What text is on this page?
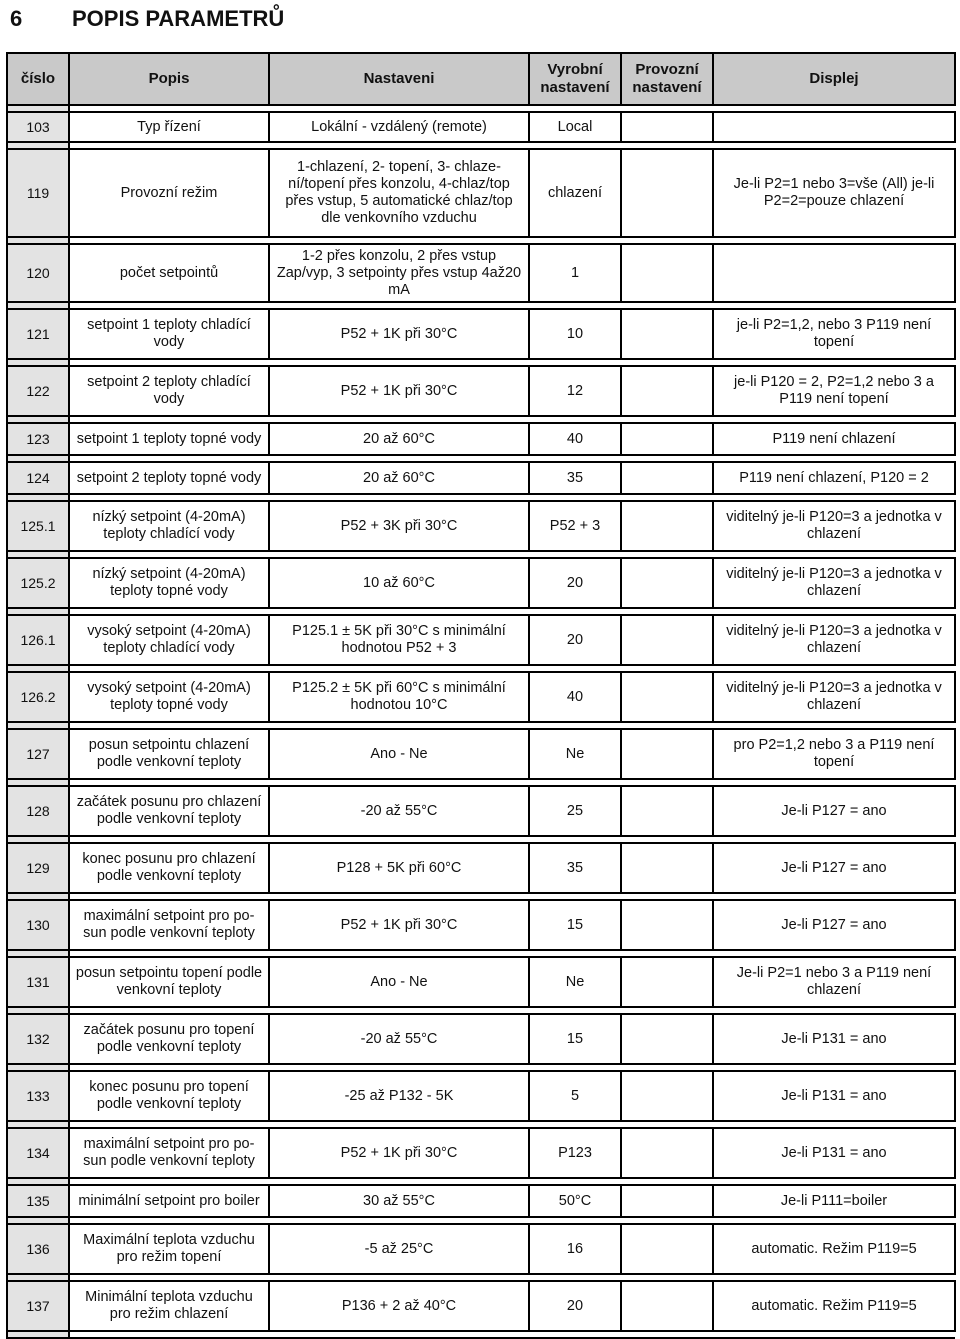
6	POPIS PARAMETRŮ
číslo	Popis	Nastaveni	Vyrobní nastavení	Provozní nastavení	Displej

103	Typ řízení	Lokální - vzdálený (remote)	Local		

119	Provozní režim	1-chlazení, 2- topení, 3- chlaze-ní/topení přes konzolu, 4-chlaz/top přes vstup, 5 automatické chlaz/top dle venkovního vzduchu	chlazení		Je-li P2=1 nebo 3=vše (All) je-li P2=2=pouze chlazení

120	počet setpointů	1-2 přes konzolu, 2 přes vstup Zap/vyp, 3 setpointy přes vstup 4až20 mA	1		

121	setpoint 1 teploty chladící vody	P52 + 1K při 30°C	10		je-li P2=1,2, nebo 3 P119 není topení

122	setpoint 2 teploty chladící vody	P52 + 1K při 30°C	12		je-li P120 = 2, P2=1,2 nebo 3 a P119 není topení

123	setpoint 1 teploty topné vody	20 až 60°C	40		P119 není chlazení

124	setpoint 2 teploty topné vody	20 až 60°C	35		P119 není chlazení, P120 = 2

125.1	nízký setpoint (4-20mA) teploty chladící vody	P52 + 3K při 30°C	P52 + 3		viditelný je-li P120=3 a jednotka v chlazení

125.2	nízký setpoint (4-20mA) teploty topné vody	10 až 60°C	20		viditelný je-li P120=3 a jednotka v chlazení

126.1	vysoký setpoint (4-20mA) teploty chladící vody	P125.1 ± 5K při 30°C s minimální hodnotou P52 + 3	20		viditelný je-li P120=3 a jednotka v chlazení

126.2	vysoký setpoint (4-20mA) teploty topné vody	P125.2 ± 5K při 60°C s minimální hodnotou 10°C	40		viditelný je-li P120=3 a jednotka v chlazení

127	posun setpointu chlazení podle venkovní teploty	Ano - Ne	Ne		pro P2=1,2 nebo 3 a P119 není topení

128	začátek posunu pro chlazení podle venkovní teploty	-20 až 55°C	25		Je-li P127 = ano

129	konec posunu pro chlazení podle venkovní teploty	P128 + 5K při 60°C	35		Je-li P127 = ano

130	maximální setpoint pro po-sun podle venkovní teploty	P52 + 1K při 30°C	15		Je-li P127 = ano

131	posun setpointu topení podle venkovní teploty	Ano - Ne	Ne		Je-li P2=1 nebo 3 a P119 není chlazení

132	začátek posunu pro topení podle venkovní teploty	-20 až 55°C	15		Je-li P131 = ano

133	konec posunu pro topení podle venkovní teploty	-25 až P132 - 5K	5		Je-li P131 = ano

134	maximální setpoint pro po-sun podle venkovní teploty	P52 + 1K při 30°C	P123		Je-li P131 = ano

135	minimální setpoint pro boiler	30 až 55°C	50°C		Je-li P111=boiler

136	Maximální teplota vzduchu pro režim topení	-5 až 25°C	16		automatic. Režim P119=5

137	Minimální teplota vzduchu pro režim chlazení	P136 + 2 až 40°C	20		automatic. Režim P119=5
